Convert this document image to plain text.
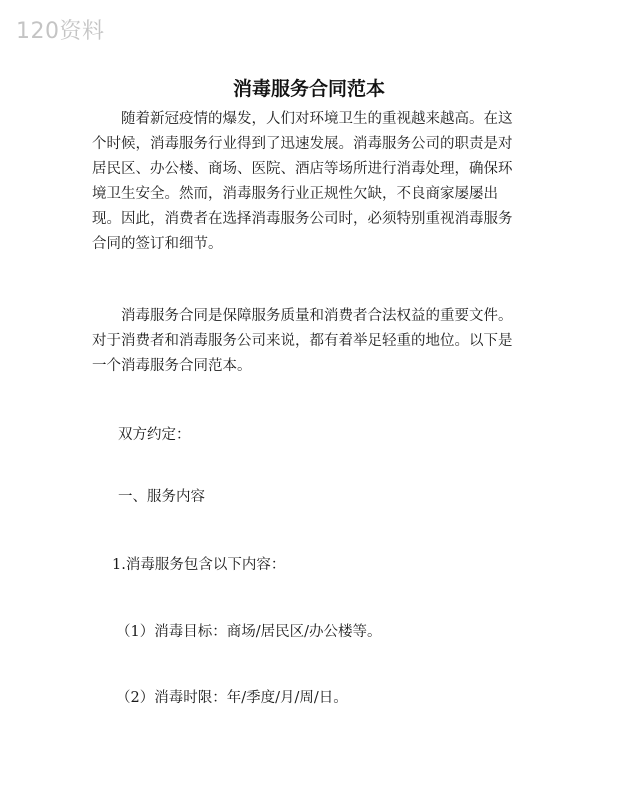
120资料
消毒服务合同范本

随着新冠疫情的爆发，人们对环境卫生的重视越来越高。在这个时候，消毒服务行业得到了迅速发展。消毒服务公司的职责是对居民区、办公楼、商场、医院、酒店等场所进行消毒处理，确保环境卫生安全。然而，消毒服务行业正规性欠缺，不良商家屡屡出现。因此，消费者在选择消毒服务公司时，必须特别重视消毒服务合同的签订和细节。

消毒服务合同是保障服务质量和消费者合法权益的重要文件。对于消费者和消毒服务公司来说，都有着举足轻重的地位。以下是一个消毒服务合同范本。

双方约定：

一、服务内容

1.消毒服务包含以下内容：

（1）消毒目标：商场/居民区/办公楼等。

（2）消毒时限：年/季度/月/周/日。
